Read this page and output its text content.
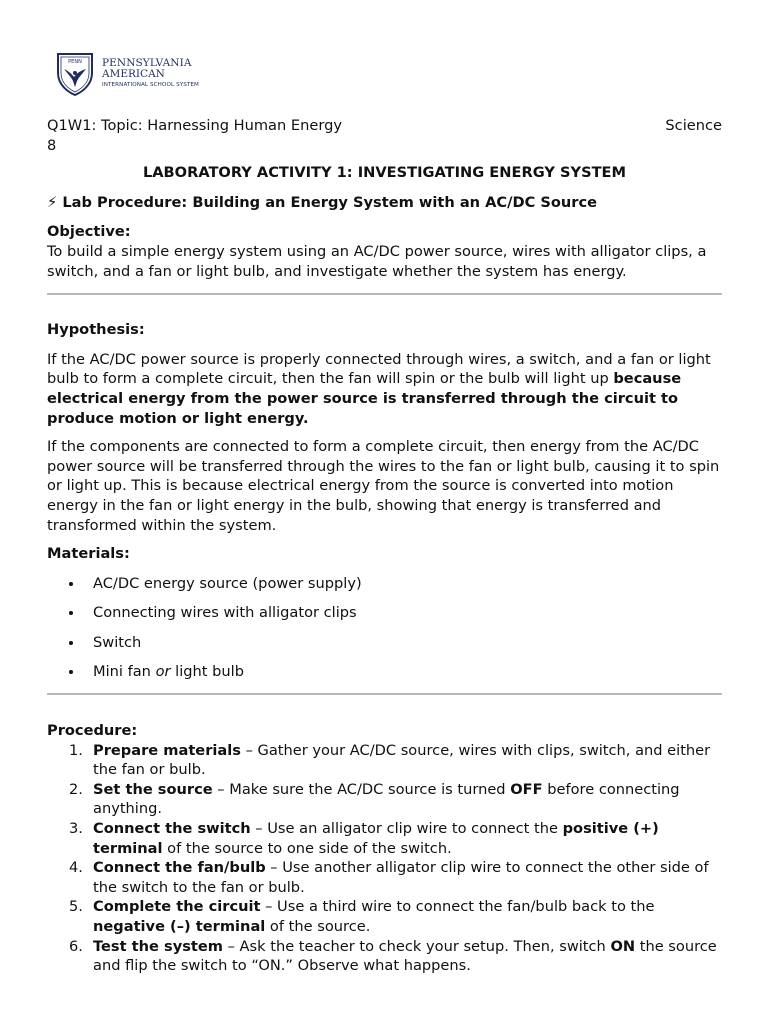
PENN PENNSYLVANIA
AMERICAN
INTERNATIONAL SCHOOL SYSTEM
Q1W1: Topic: Harnessing Human Energy	Science
8
LABORATORY ACTIVITY 1: INVESTIGATING ENERGY SYSTEM
⚡ Lab Procedure: Building an Energy System with an AC/DC Source
Objective:

To build a simple energy system using an AC/DC power source, wires with alligator clips, a switch, and a fan or light bulb, and investigate whether the system has energy.

Hypothesis:

If the AC/DC power source is properly connected through wires, a switch, and a fan or light bulb to form a complete circuit, then the fan will spin or the bulb will light up because electrical energy from the power source is transferred through the circuit to produce motion or light energy.

If the components are connected to form a complete circuit, then energy from the AC/DC power source will be transferred through the wires to the fan or light bulb, causing it to spin or light up. This is because electrical energy from the source is converted into motion energy in the fan or light energy in the bulb, showing that energy is transferred and transformed within the system.

Materials:
AC/DC energy source (power supply)
Connecting wires with alligator clips
Switch
Mini fan or light bulb
Procedure:
1. Prepare materials – Gather your AC/DC source, wires with clips, switch, and either the fan or bulb.
2. Set the source – Make sure the AC/DC source is turned OFF before connecting anything.
3. Connect the switch – Use an alligator clip wire to connect the positive (+) terminal of the source to one side of the switch.
4. Connect the fan/bulb – Use another alligator clip wire to connect the other side of the switch to the fan or bulb.
5. Complete the circuit – Use a third wire to connect the fan/bulb back to the negative (–) terminal of the source.
6. Test the system – Ask the teacher to check your setup. Then, switch ON the source and flip the switch to “ON.” Observe what happens.
